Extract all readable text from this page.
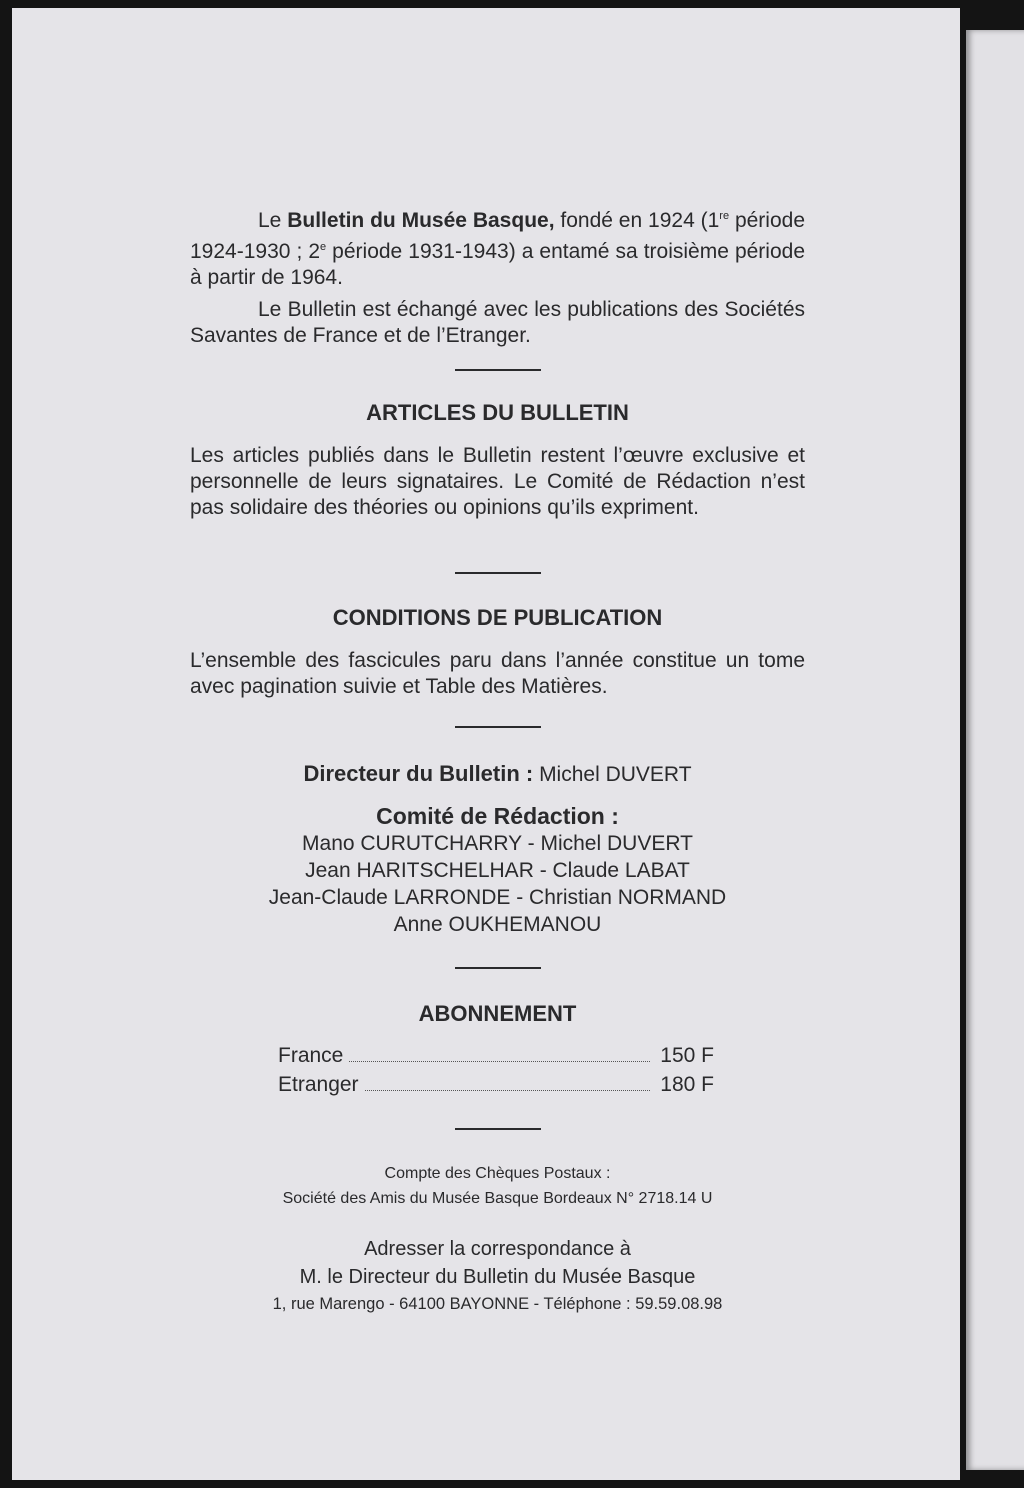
Le Bulletin du Musée Basque, fondé en 1924 (1re période 1924-1930 ; 2e période 1931-1943) a entamé sa troisième période à partir de 1964.

Le Bulletin est échangé avec les publications des Sociétés Savantes de France et de l’Etranger.

ARTICLES DU BULLETIN

Les articles publiés dans le Bulletin restent l’œuvre exclusive et personnelle de leurs signataires. Le Comité de Rédaction n’est pas solidaire des théories ou opinions qu’ils expriment.

CONDITIONS DE PUBLICATION

L’ensemble des fascicules paru dans l’année constitue un tome avec pagination suivie et Table des Matières.

Directeur du Bulletin : Michel DUVERT
Comité de Rédaction :
Mano CURUTCHARRY - Michel DUVERT
Jean HARITSCHELHAR - Claude LABAT
Jean-Claude LARRONDE - Christian NORMAND
Anne OUKHEMANOU
ABONNEMENT
France	150 F
Etranger	180 F
Compte des Chèques Postaux :
Société des Amis du Musée Basque Bordeaux N° 2718.14 U
Adresser la correspondance à
M. le Directeur du Bulletin du Musée Basque
1, rue Marengo - 64100 BAYONNE - Téléphone : 59.59.08.98
